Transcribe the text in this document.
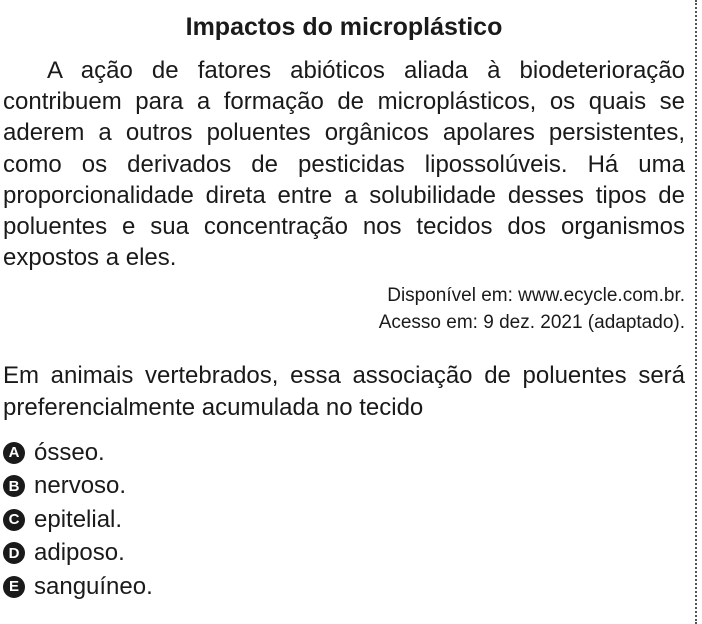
Impactos do microplástico

A ação de fatores abióticos aliada à biodeterioração contribuem para a formação de microplásticos, os quais se aderem a outros poluentes orgânicos apolares persistentes, como os derivados de pesticidas lipossolúveis. Há uma proporcionalidade direta entre a solubilidade desses tipos de poluentes e sua concentração nos tecidos dos organismos expostos a eles.

Disponível em: www.ecycle.com.br.
Acesso em: 9 dez. 2021 (adaptado).

Em animais vertebrados, essa associação de poluentes será preferencialmente acumulada no tecido

A ósseo.
B nervoso.
C epitelial.
D adiposo.
E sanguíneo.
